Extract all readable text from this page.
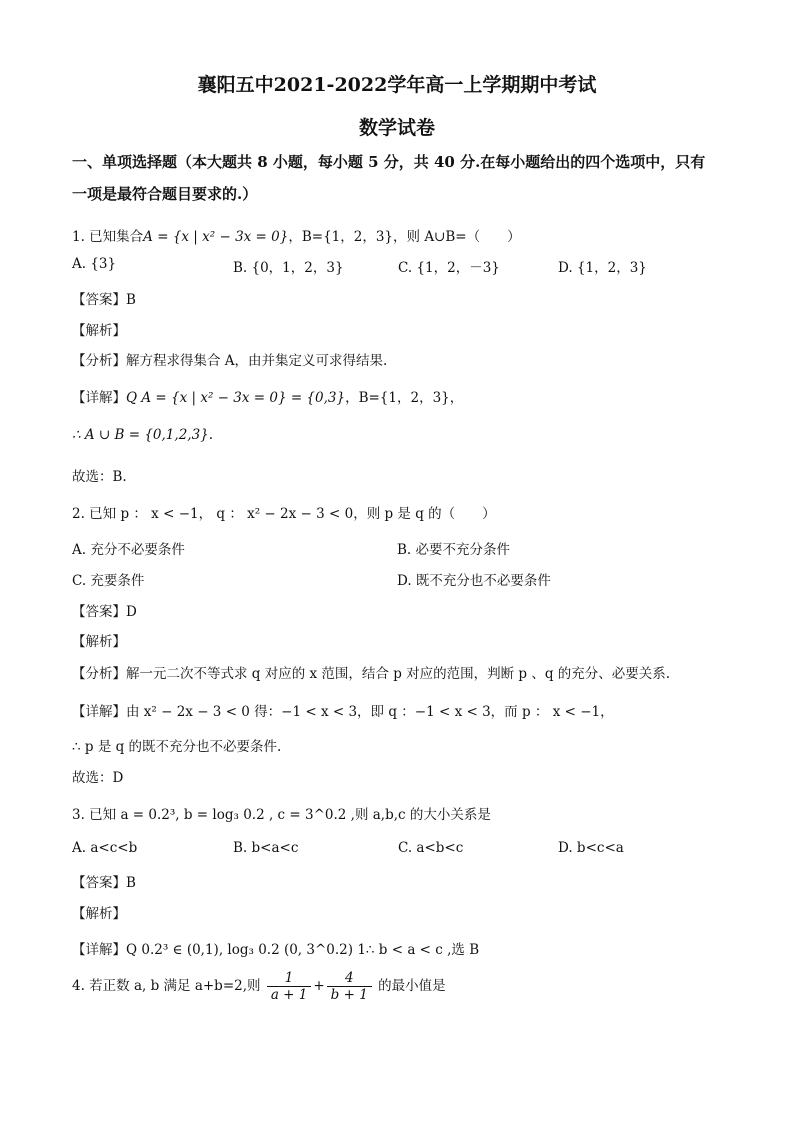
襄阳五中2021-2022学年高一上学期期中考试
数学试卷
一、单项选择题（本大题共 8 小题，每小题 5 分，共 40 分.在每小题给出的四个选项中，只有
一项是最符合题目要求的.）
1. 已知集合A = {x | x² − 3x = 0}，B={1，2，3}，则 A∪B=（　　）
A. {3}	B. {0，1，2，3}	C. {1，2，－3}	D. {1，2，3}
【答案】B
【解析】
【分析】解方程求得集合 A，由并集定义可求得结果.
【详解】Q A = {x | x² − 3x = 0} = {0,3}，B={1，2，3}，
∴ A ∪ B = {0,1,2,3}.
故选：B.
2. 已知 p ： x < −1， q ： x² − 2x − 3 < 0，则 p 是 q 的（　　）
A. 充分不必要条件	B. 必要不充分条件
C. 充要条件	D. 既不充分也不必要条件
【答案】D
【解析】
【分析】解一元二次不等式求 q 对应的 x 范围，结合 p 对应的范围，判断 p 、q 的充分、必要关系.
【详解】由 x² − 2x − 3 < 0 得：−1 < x < 3，即 q ：−1 < x < 3，而 p ： x < −1，
∴ p 是 q 的既不充分也不必要条件.
故选：D
3. 已知 a = 0.2³, b = log₃ 0.2 , c = 3^0.2 ,则 a,b,c 的大小关系是
A. a<c<b	B. b<a<c	C. a<b<c	D. b<c<a
【答案】B
【解析】
【详解】Q 0.2³ ∈ (0,1), log₃ 0.2 (0, 3^0.2) 1∴ b < a < c ,选 B
4. 若正数 a, b 满足 a+b=2,则 $\frac{1}{a + 1} + \frac{4}{b + 1}$ 的最小值是
